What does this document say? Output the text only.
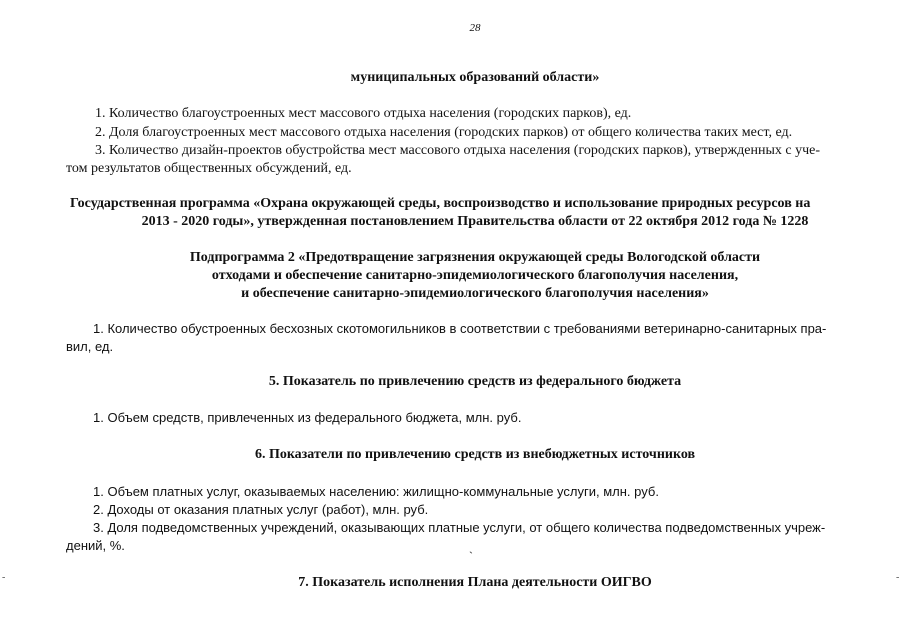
28
муниципальных образований области»
1. Количество благоустроенных мест массового отдыха населения (городских парков), ед.
2. Доля благоустроенных мест массового отдыха населения (городских парков) от общего количества таких мест, ед.
3. Количество дизайн-проектов обустройства мест массового отдыха населения (городских парков), утвержденных с уче-
том результатов общественных обсуждений, ед.
Государственная программа «Охрана окружающей среды, воспроизводство и использование природных ресурсов на
2013 - 2020 годы», утвержденная постановлением Правительства области от 22 октября 2012 года № 1228
Подпрограмма 2 «Предотвращение загрязнения окружающей среды Вологодской области
отходами и обеспечение санитарно-эпидемиологического благополучия населения,
и обеспечение санитарно-эпидемиологического благополучия населения»
1. Количество обустроенных бесхозных скотомогильников в соответствии с требованиями ветеринарно-санитарных пра-
вил, ед.
5. Показатель по привлечению средств из федерального бюджета
1. Объем средств, привлеченных из федерального бюджета, млн. руб.
6. Показатели по привлечению средств из внебюджетных источников
1. Объем платных услуг, оказываемых населению: жилищно-коммунальные услуги, млн. руб.
2. Доходы от оказания платных услуг (работ), млн. руб.
3. Доля подведомственных учреждений, оказывающих платные услуги, от общего количества подведомственных учреж-
дений, %.
ˋ
7. Показатель исполнения Плана деятельности ОИГВО
-	-
